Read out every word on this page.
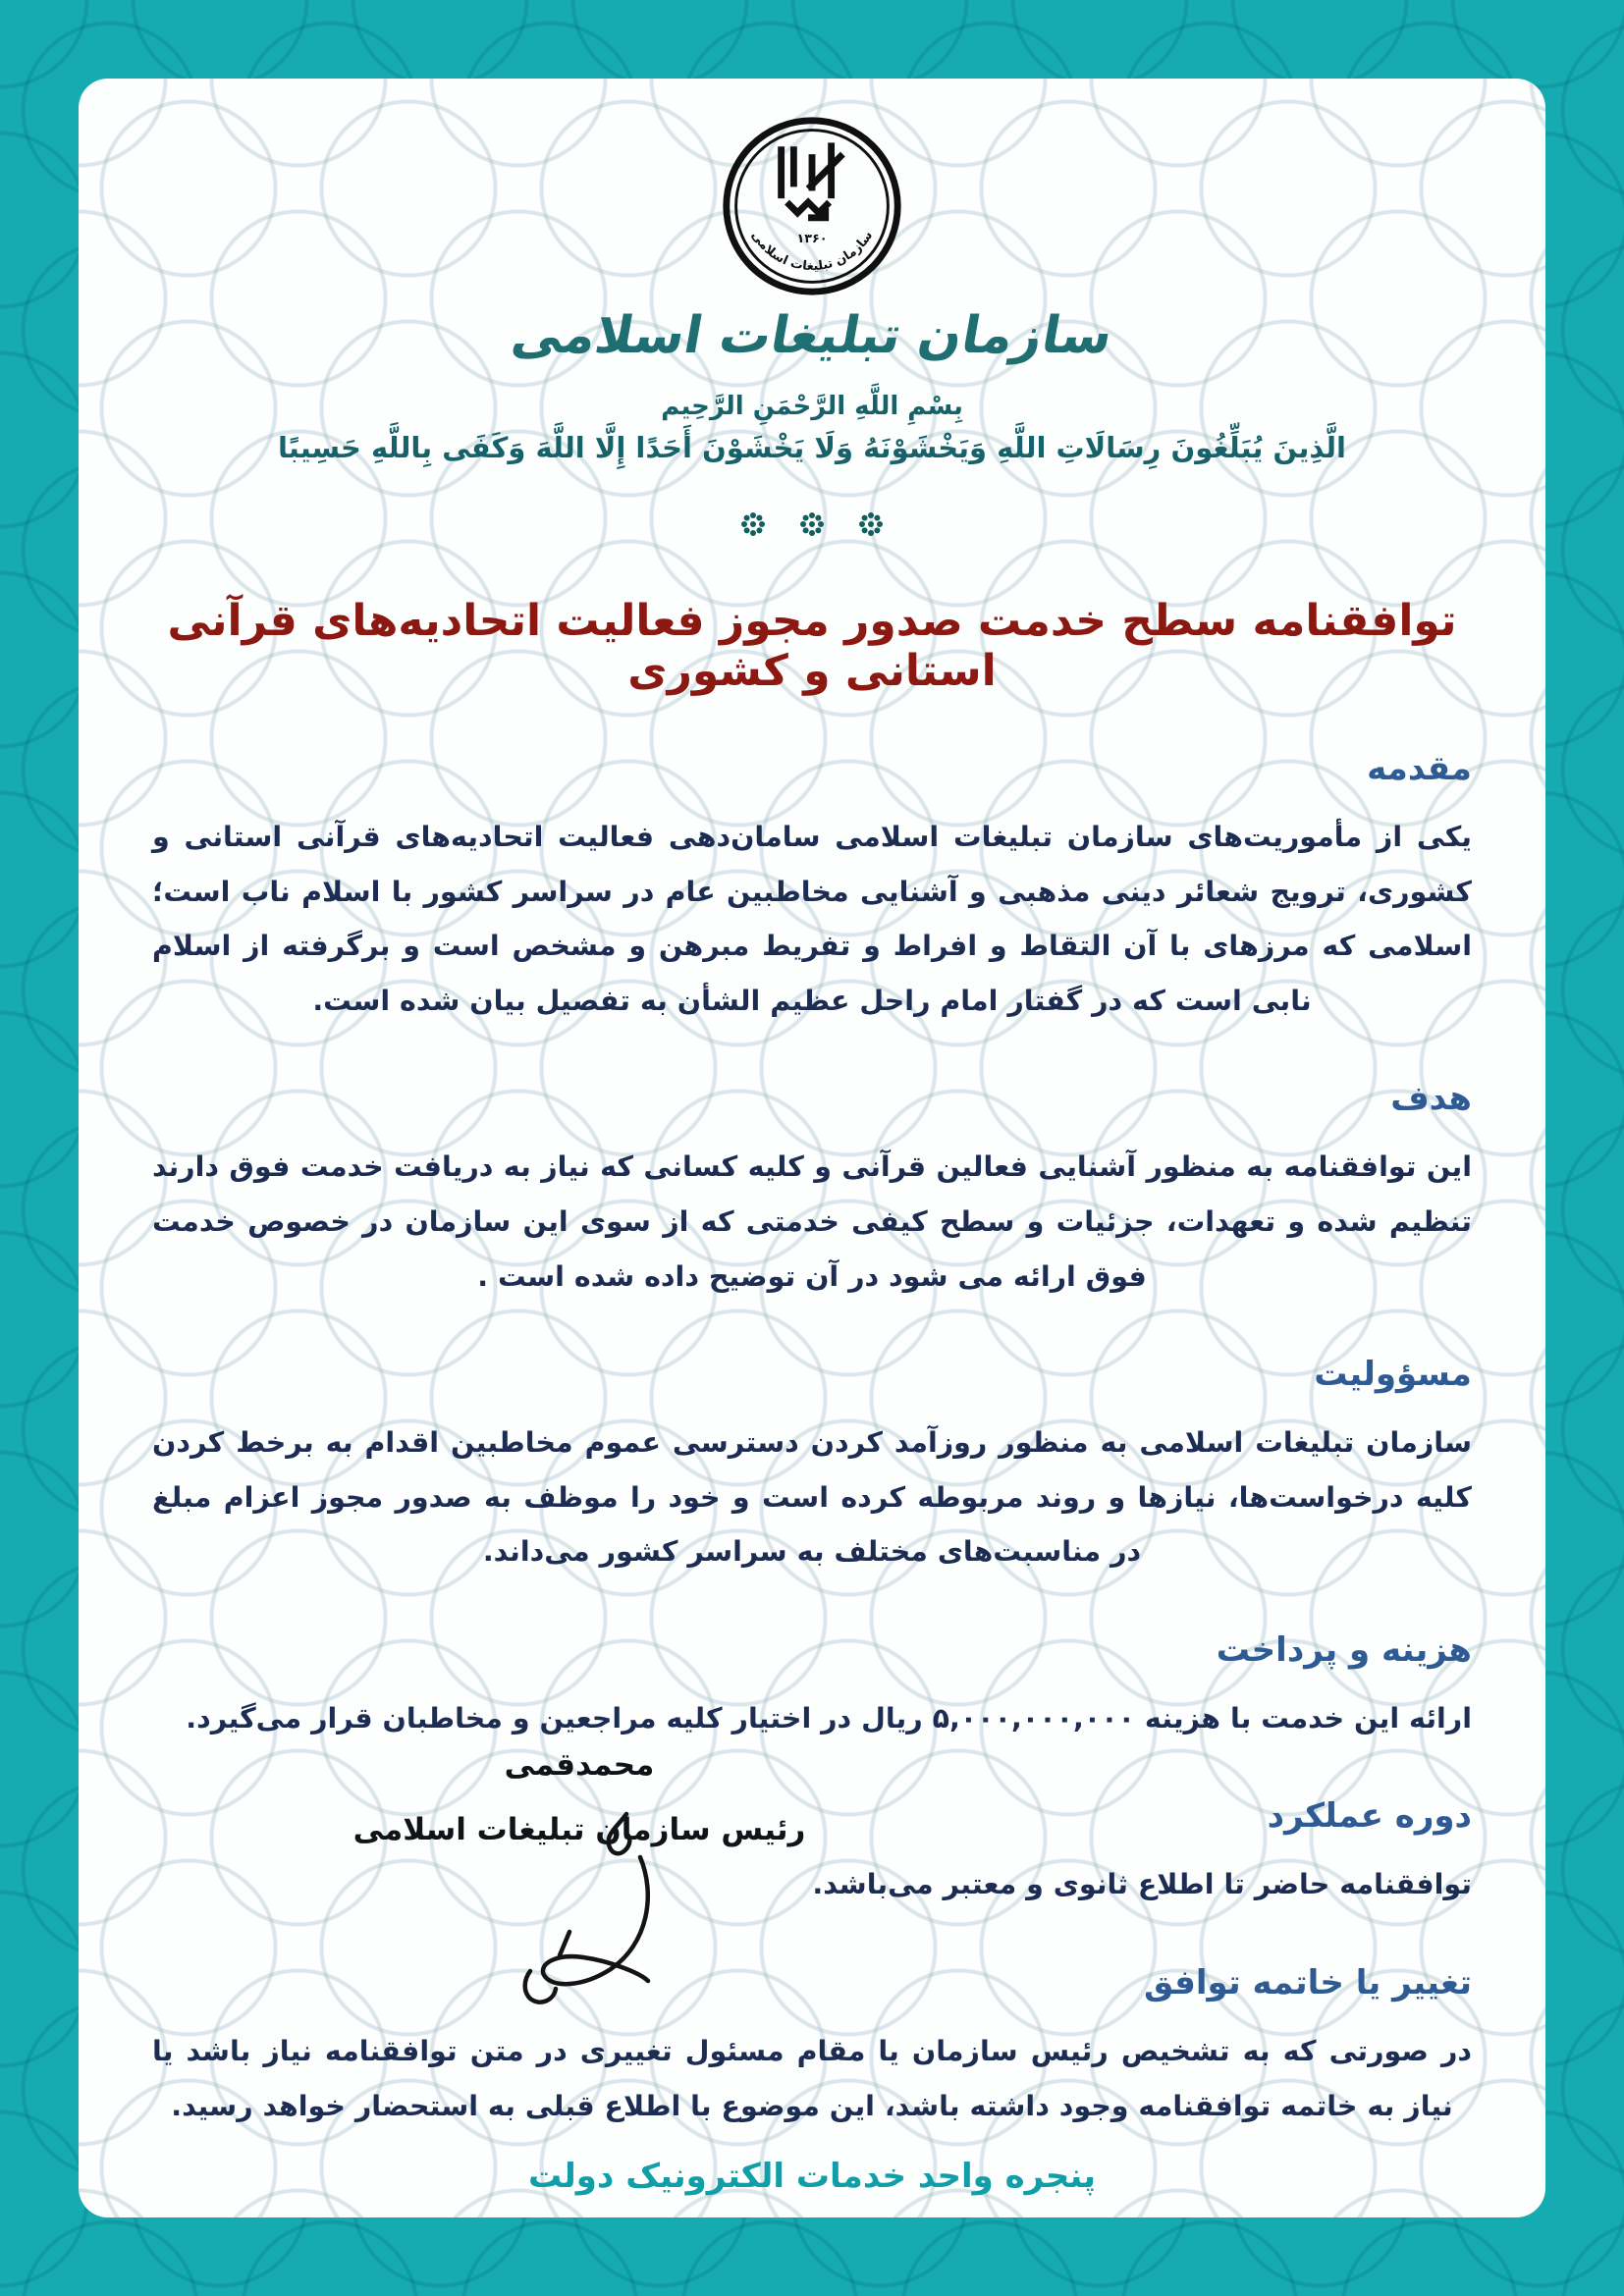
۱۳۶۰
سازمان تبلیغات اسلامی
سازمان تبلیغات اسلامی
بِسْمِ اللَّهِ الرَّحْمَنِ الرَّحِيم
الَّذِينَ يُبَلِّغُونَ رِسَالَاتِ اللَّهِ وَيَخْشَوْنَهُ وَلَا يَخْشَوْنَ أَحَدًا إِلَّا اللَّهَ وَكَفَى بِاللَّهِ حَسِيبًا
توافقنامه سطح خدمت صدور مجوز فعالیت اتحادیه‌های قرآنی استانی و کشوری
مقدمه

یکی از مأموریت‌های سازمان تبلیغات اسلامی سامان‌دهی فعالیت اتحادیه‌های قرآنی استانی و کشوری، ترویج شعائر دینی مذهبی و آشنایی مخاطبین عام در سراسر کشور با اسلام ناب است؛ اسلامی که مرزهای با آن التقاط و افراط و تفریط مبرهن و مشخص است و برگرفته از اسلام نابی است که در گفتار امام راحل عظیم الشأن به تفصیل بیان شده است.

هدف

این توافقنامه به منظور آشنایی فعالین قرآنی و کلیه کسانی که نیاز به دریافت خدمت فوق دارند تنظیم شده و تعهدات، جزئیات و سطح کیفی خدمتی که از سوی این سازمان در خصوص خدمت فوق ارائه می شود در آن توضیح داده شده است .

مسؤولیت

سازمان تبلیغات اسلامی به منظور روزآمد کردن دسترسی عموم مخاطبین اقدام به برخط کردن کلیه درخواست‌ها، نیازها و روند مربوطه کرده است و خود را موظف به صدور مجوز اعزام مبلغ در مناسبت‌های مختلف به سراسر کشور می‌داند.

هزینه و پرداخت

ارائه این خدمت با هزینه ۵,۰۰۰,۰۰۰,۰۰۰ ریال در اختیار کلیه مراجعین و مخاطبان قرار می‌گیرد.

دوره عملکرد

توافقنامه حاضر تا اطلاع ثانوی و معتبر می‌باشد.

تغییر یا خاتمه توافق

در صورتی که به تشخیص رئیس سازمان یا مقام مسئول تغییری در متن توافقنامه نیاز باشد یا نیاز به خاتمه توافقنامه وجود داشته باشد، این موضوع با اطلاع قبلی به استحضار خواهد رسید.

محمدقمی
رئیس سازمان تبلیغات اسلامی
پنجره واحد خدمات الکترونیک دولت
